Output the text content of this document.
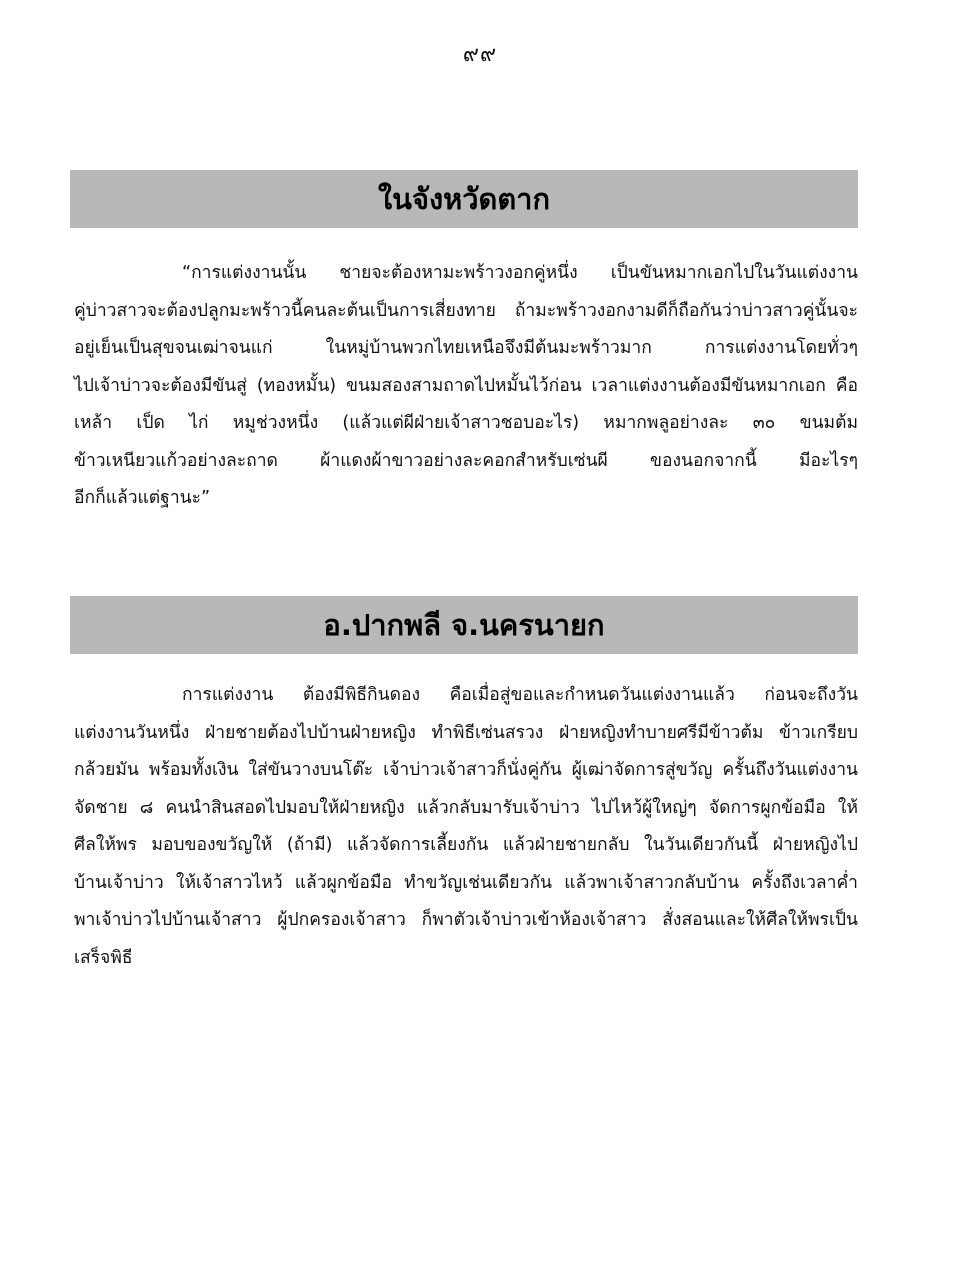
๙๙
ในจังหวัดตาก
“การแต่งงานนั้น ชายจะต้องหามะพร้าวงอกคู่หนึ่ง เป็นขันหมากเอกไปในวันแต่งงาน
คู่บ่าวสาวจะต้องปลูกมะพร้าวนี้คนละต้นเป็นการเสี่ยงทาย ถ้ามะพร้าวงอกงามดีก็ถือกันว่าบ่าวสาวคู่นั้นจะ
อยู่เย็นเป็นสุขจนเฒ่าจนแก่ ในหมู่บ้านพวกไทยเหนือจึงมีต้นมะพร้าวมาก การแต่งงานโดยทั่วๆ
ไปเจ้าบ่าวจะต้องมีขันสู่ (ทองหมั้น) ขนมสองสามถาดไปหมั้นไว้ก่อน เวลาแต่งงานต้องมีขันหมากเอก คือ
เหล้า เป็ด ไก่ หมูช่วงหนึ่ง (แล้วแต่ผีฝ่ายเจ้าสาวชอบอะไร) หมากพลูอย่างละ ๓๐ ขนมต้ม
ข้าวเหนียวแก้วอย่างละถาด ผ้าแดงผ้าขาวอย่างละคอกสำหรับเซ่นผี ของนอกจากนี้ มีอะไรๆ
อีกก็แล้วแต่ฐานะ”
อ.ปากพลี จ.นครนายก
การแต่งงาน ต้องมีพิธีกินดอง คือเมื่อสู่ขอและกำหนดวันแต่งงานแล้ว ก่อนจะถึงวัน
แต่งงานวันหนึ่ง ฝ่ายชายต้องไปบ้านฝ่ายหญิง ทำพิธีเซ่นสรวง ฝ่ายหญิงทำบายศรีมีข้าวต้ม ข้าวเกรียบ
กล้วยมัน พร้อมทั้งเงิน ใส่ขันวางบนโต๊ะ เจ้าบ่าวเจ้าสาวก็นั่งคู่กัน ผู้เฒ่าจัดการสู่ขวัญ ครั้นถึงวันแต่งงาน
จัดชาย ๘ คนนำสินสอดไปมอบให้ฝ่ายหญิง แล้วกลับมารับเจ้าบ่าว ไปไหว้ผู้ใหญ่ๆ จัดการผูกข้อมือ ให้
ศีลให้พร มอบของขวัญให้ (ถ้ามี) แล้วจัดการเลี้ยงกัน แล้วฝ่ายชายกลับ ในวันเดียวกันนี้ ฝ่ายหญิงไป
บ้านเจ้าบ่าว ให้เจ้าสาวไหว้ แล้วผูกข้อมือ ทำขวัญเช่นเดียวกัน แล้วพาเจ้าสาวกลับบ้าน ครั้งถึงเวลาค่ำ
พาเจ้าบ่าวไปบ้านเจ้าสาว ผู้ปกครองเจ้าสาว ก็พาตัวเจ้าบ่าวเข้าห้องเจ้าสาว สั่งสอนและให้ศีลให้พรเป็น
เสร็จพิธี
